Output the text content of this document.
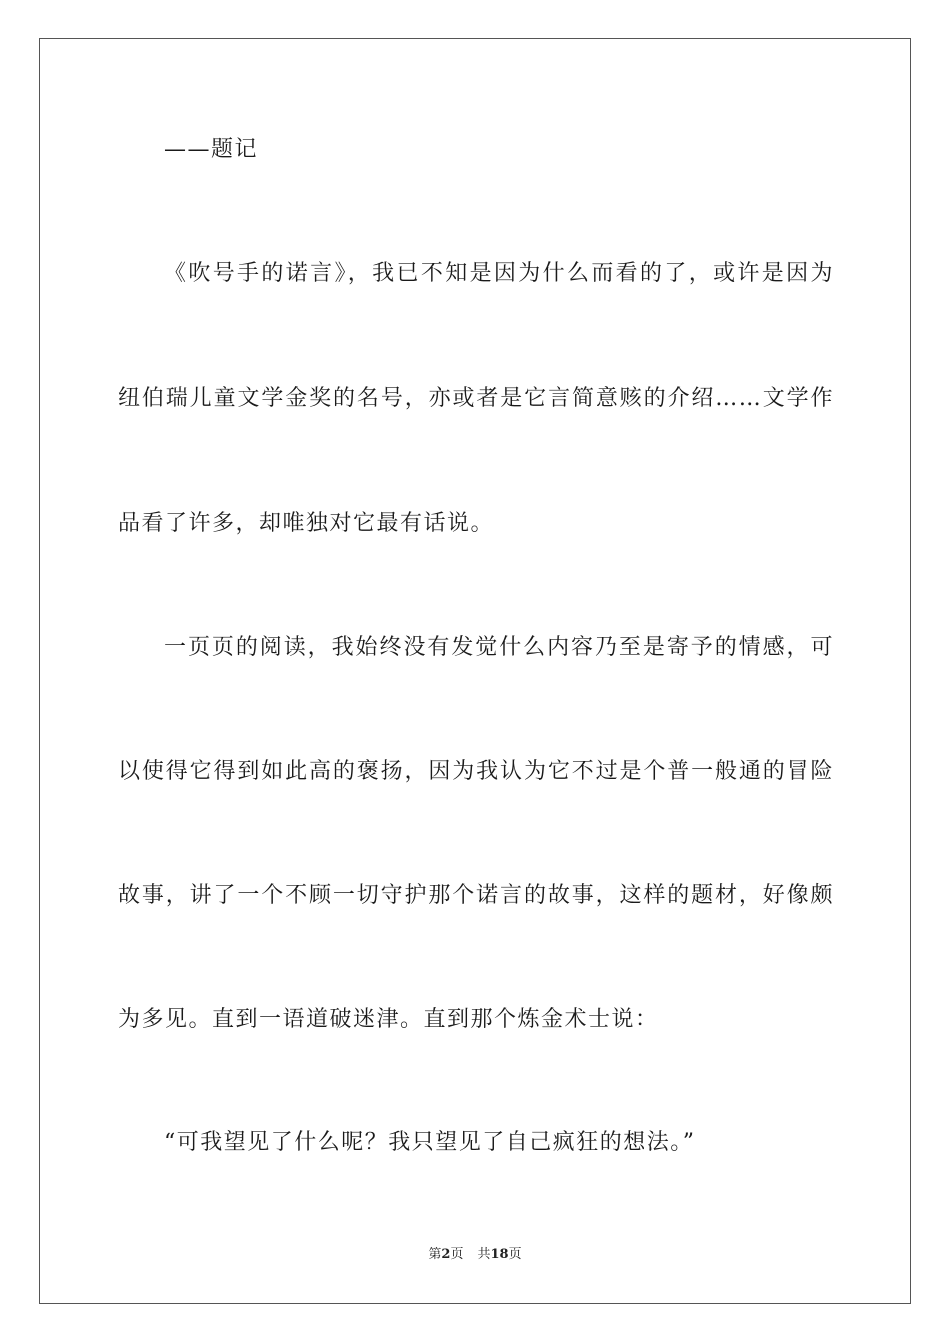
——题记
《吹号手的诺言》，我已不知是因为什么而看的了，或许是因为
纽伯瑞儿童文学金奖的名号，亦或者是它言简意赅的介绍……文学作
品看了许多，却唯独对它最有话说。
一页页的阅读，我始终没有发觉什么内容乃至是寄予的情感，可
以使得它得到如此高的褒扬，因为我认为它不过是个普一般通的冒险
故事，讲了一个不顾一切守护那个诺言的故事，这样的题材，好像颇
为多见。直到一语道破迷津。直到那个炼金术士说：
“可我望见了什么呢？我只望见了自己疯狂的想法。”
第2页 共18页
